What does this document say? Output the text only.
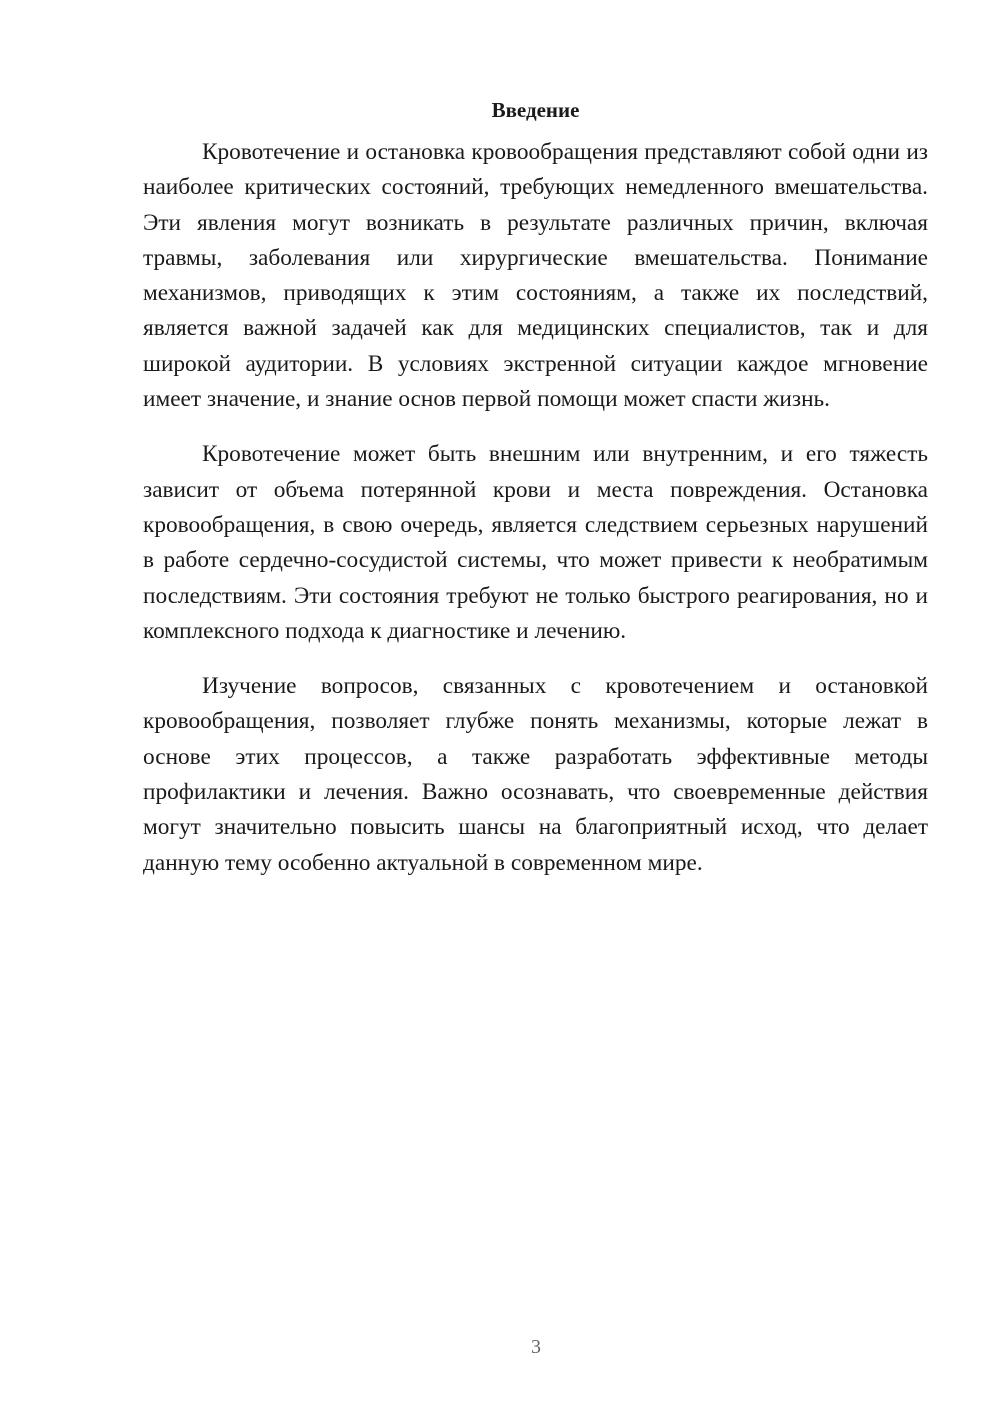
Введение

Кровотечение и остановка кровообращения представляют собой одни из наиболее критических состояний, требующих немедленного вмешательства. Эти явления могут возникать в результате различных причин, включая травмы, заболевания или хирургические вмешательства. Понимание механизмов, приводящих к этим состояниям, а также их последствий, является важной задачей как для медицинских специалистов, так и для широкой аудитории. В условиях экстренной ситуации каждое мгновение имеет значение, и знание основ первой помощи может спасти жизнь.

Кровотечение может быть внешним или внутренним, и его тяжесть зависит от объема потерянной крови и места повреждения. Остановка кровообращения, в свою очередь, является следствием серьезных нарушений в работе сердечно-сосудистой системы, что может привести к необратимым последствиям. Эти состояния требуют не только быстрого реагирования, но и комплексного подхода к диагностике и лечению.

Изучение вопросов, связанных с кровотечением и остановкой кровообращения, позволяет глубже понять механизмы, которые лежат в основе этих процессов, а также разработать эффективные методы профилактики и лечения. Важно осознавать, что своевременные действия могут значительно повысить шансы на благоприятный исход, что делает данную тему особенно актуальной в современном мире.

3
